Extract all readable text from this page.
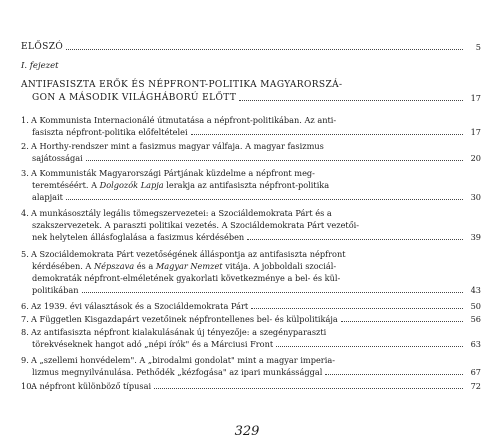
ELŐSZÓ	5
I. fejezet
ANTIFASISZTA ERŐK ÉS NÉPFRONT-POLITIKA MAGYARORSZÁ-
GON A MÁSODIK VILÁGHÁBORÚ ELŐTT	17
1. A Kommunista Internacionálé útmutatása a népfront-politikában. Az anti-
fasiszta népfront-politika előfeltételei	17
2. A Horthy-rendszer mint a fasizmus magyar válfaja. A magyar fasizmus
sajátosságai	20
3. A Kommunisták Magyarországi Pártjának küzdelme a népfront meg-
teremtéséért. A Dolgozók Lapja lerakja az antifasiszta népfront-politika
alapjait	30
4. A munkásosztály legális tömegszervezetei: a Szociáldemokrata Párt és a
szakszervezetek. A paraszti politikai vezetés. A Szociáldemokrata Párt vezetői-
nek helytelen állásfoglalása a fasizmus kérdésében	39
5. A Szociáldemokrata Párt vezetőségének álláspontja az antifasiszta népfront
kérdésében. A Népszava és a Magyar Nemzet vitája. A jobboldali szociál-
demokraták népfront-elméletének gyakorlati következménye a bel- és kül-
politikában	43
6. Az 1939. évi választások és a Szociáldemokrata Párt	50
7. A Független Kisgazdapárt vezetőinek népfrontellenes bel- és külpolitikája	56
8. Az antifasiszta népfront kialakulásának új tényezője: a szegényparaszti
törekvéseknek hangot adó „népi írók" és a Márciusi Front	63
9. A „szellemi honvédelem". A „birodalmi gondolat" mint a magyar imperia-
lizmus megnyilvánulása. Pethődék „kézfogása" az ipari munkássággal	67
10.A népfront különböző típusai	72
329
